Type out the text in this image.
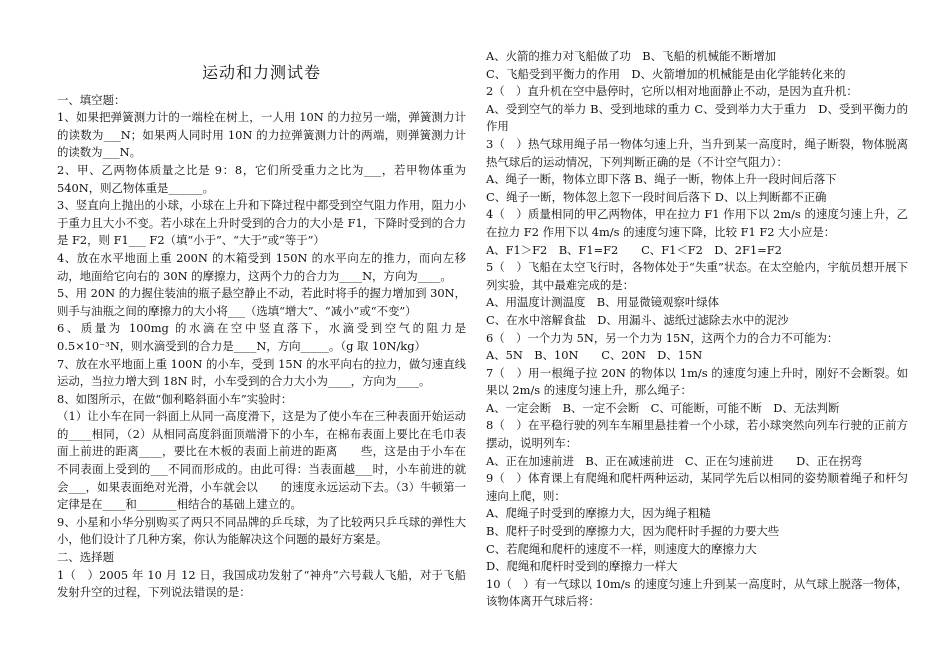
运动和力测试卷

一、填空题：

1、如果把弹簧测力计的一端栓在树上，一人用 10N 的力拉另一端，弹簧测力计的读数为___N；如果两人同时用 10N 的力拉弹簧测力计的两端，则弹簧测力计的读数为___N。

2、甲、乙两物体质量之比是 9：8，它们所受重力之比为___，若甲物体重为 540N，则乙物体重是______。

3、竖直向上抛出的小球，小球在上升和下降过程中都受到空气阻力作用，阻力小于重力且大小不变。若小球在上升时受到的合力的大小是 F1，下降时受到的合力是 F2，则 F1___ F2（填“小于”、“大于”或“等于”）

4、放在水平地面上重 200N 的木箱受到 150N 的水平向左的推力，而向左移动，地面给它向右的 30N 的摩擦力，这两个力的合力为____N，方向为____。

5、用 20N 的力握住装油的瓶子悬空静止不动，若此时将手的握力增加到 30N，则手与油瓶之间的摩擦力的大小将___（选填“增大”、“减小”或“不变”）

6、质量为 100mg 的水滴在空中竖直落下，水滴受到空气的阻力是 0.5×10⁻³N，则水滴受到的合力是____N，方向_____。（g 取 10N/kg）

7、放在水平地面上重 100N 的小车，受到 15N 的水平向右的拉力，做匀速直线运动，当拉力增大到 18N 时，小车受到的合力大小为____，方向为____。

8、如图所示，在做“伽利略斜面小车”实验时：

（1）让小车在同一斜面上从同一高度滑下，这是为了使小车在三种表面开始运动的____相同，（2）从相同高度斜面顶端滑下的小车，在棉布表面上要比在毛巾表面上前进的距离____，要比在木板的表面上前进的距离　　些，这是由于小车在不同表面上受到的___不同而形成的。由此可得：当表面越___时，小车前进的就会___，如果表面绝对光滑，小车就会以　　的速度永远运动下去。（3）牛顿第一定律是在____和_______相结合的基础上建立的。

9、小星和小华分别购买了两只不同品牌的乒乓球，为了比较两只乒乓球的弹性大小，他们设计了几种方案，你认为能解决这个问题的最好方案是。

二、选择题

1（　）2005 年 10 月 12 日，我国成功发射了“神舟”六号载人飞船，对于飞船发射升空的过程，下列说法错误的是：

A、火箭的推力对飞船做了功　B、飞船的机械能不断增加

C、飞船受到平衡力的作用　D、火箭增加的机械能是由化学能转化来的

2（　）直升机在空中悬停时，它所以相对地面静止不动，是因为直升机：

A、受到空气的举力 B、受到地球的重力 C、受到举力大于重力　D、受到平衡力的作用

3（　）热气球用绳子吊一物体匀速上升，当升到某一高度时，绳子断裂，物体脱离热气球后的运动情况，下列判断正确的是（不计空气阻力）：

A、绳子一断，物体立即下落 B、绳子一断，物体上升一段时间后落下

C、绳子一断，物体忽上忽下一段时间后落下 D、以上判断都不正确

4（　）质量相同的甲乙两物体，甲在拉力 F1 作用下以 2m/s 的速度匀速上升，乙在拉力 F2 作用下以 4m/s 的速度匀速下降，比较 F1 F2 大小应是：

A、F1＞F2　B、F1=F2　　C、F1＜F2　D、2F1=F2

5（　）飞船在太空飞行时，各物体处于“失重”状态。在太空舱内，宇航员想开展下列实验，其中最难完成的是：

A、用温度计测温度　B、用显微镜观察叶绿体

C、在水中溶解食盐　D、用漏斗、滤纸过滤除去水中的泥沙

6（　）一个力为 5N，另一个力为 15N，这两个力的合力不可能为：

A、5N　B、10N　　C、20N　D、15N

7（　）用一根绳子拉 20N 的物体以 1m/s 的速度匀速上升时，刚好不会断裂。如果以 2m/s 的速度匀速上升，那么绳子：

A、一定会断　B、一定不会断　C、可能断，可能不断　D、无法判断

8（　）在平稳行驶的列车车厢里悬挂着一个小球，若小球突然向列车行驶的正前方摆动，说明列车：

A、正在加速前进　B、正在减速前进　C、正在匀速前进　　D、正在拐弯

9（　）体育课上有爬绳和爬杆两种运动，某同学先后以相同的姿势顺着绳子和杆匀速向上爬，则：

A、爬绳子时受到的摩擦力大，因为绳子粗糙

B、爬杆子时受到的摩擦力大，因为爬杆时手握的力要大些

C、若爬绳和爬杆的速度不一样，则速度大的摩擦力大

D、爬绳和爬杆时受到的摩擦力一样大

10（　）有一气球以 10m/s 的速度匀速上升到某一高度时，从气球上脱落一物体，该物体离开气球后将：
